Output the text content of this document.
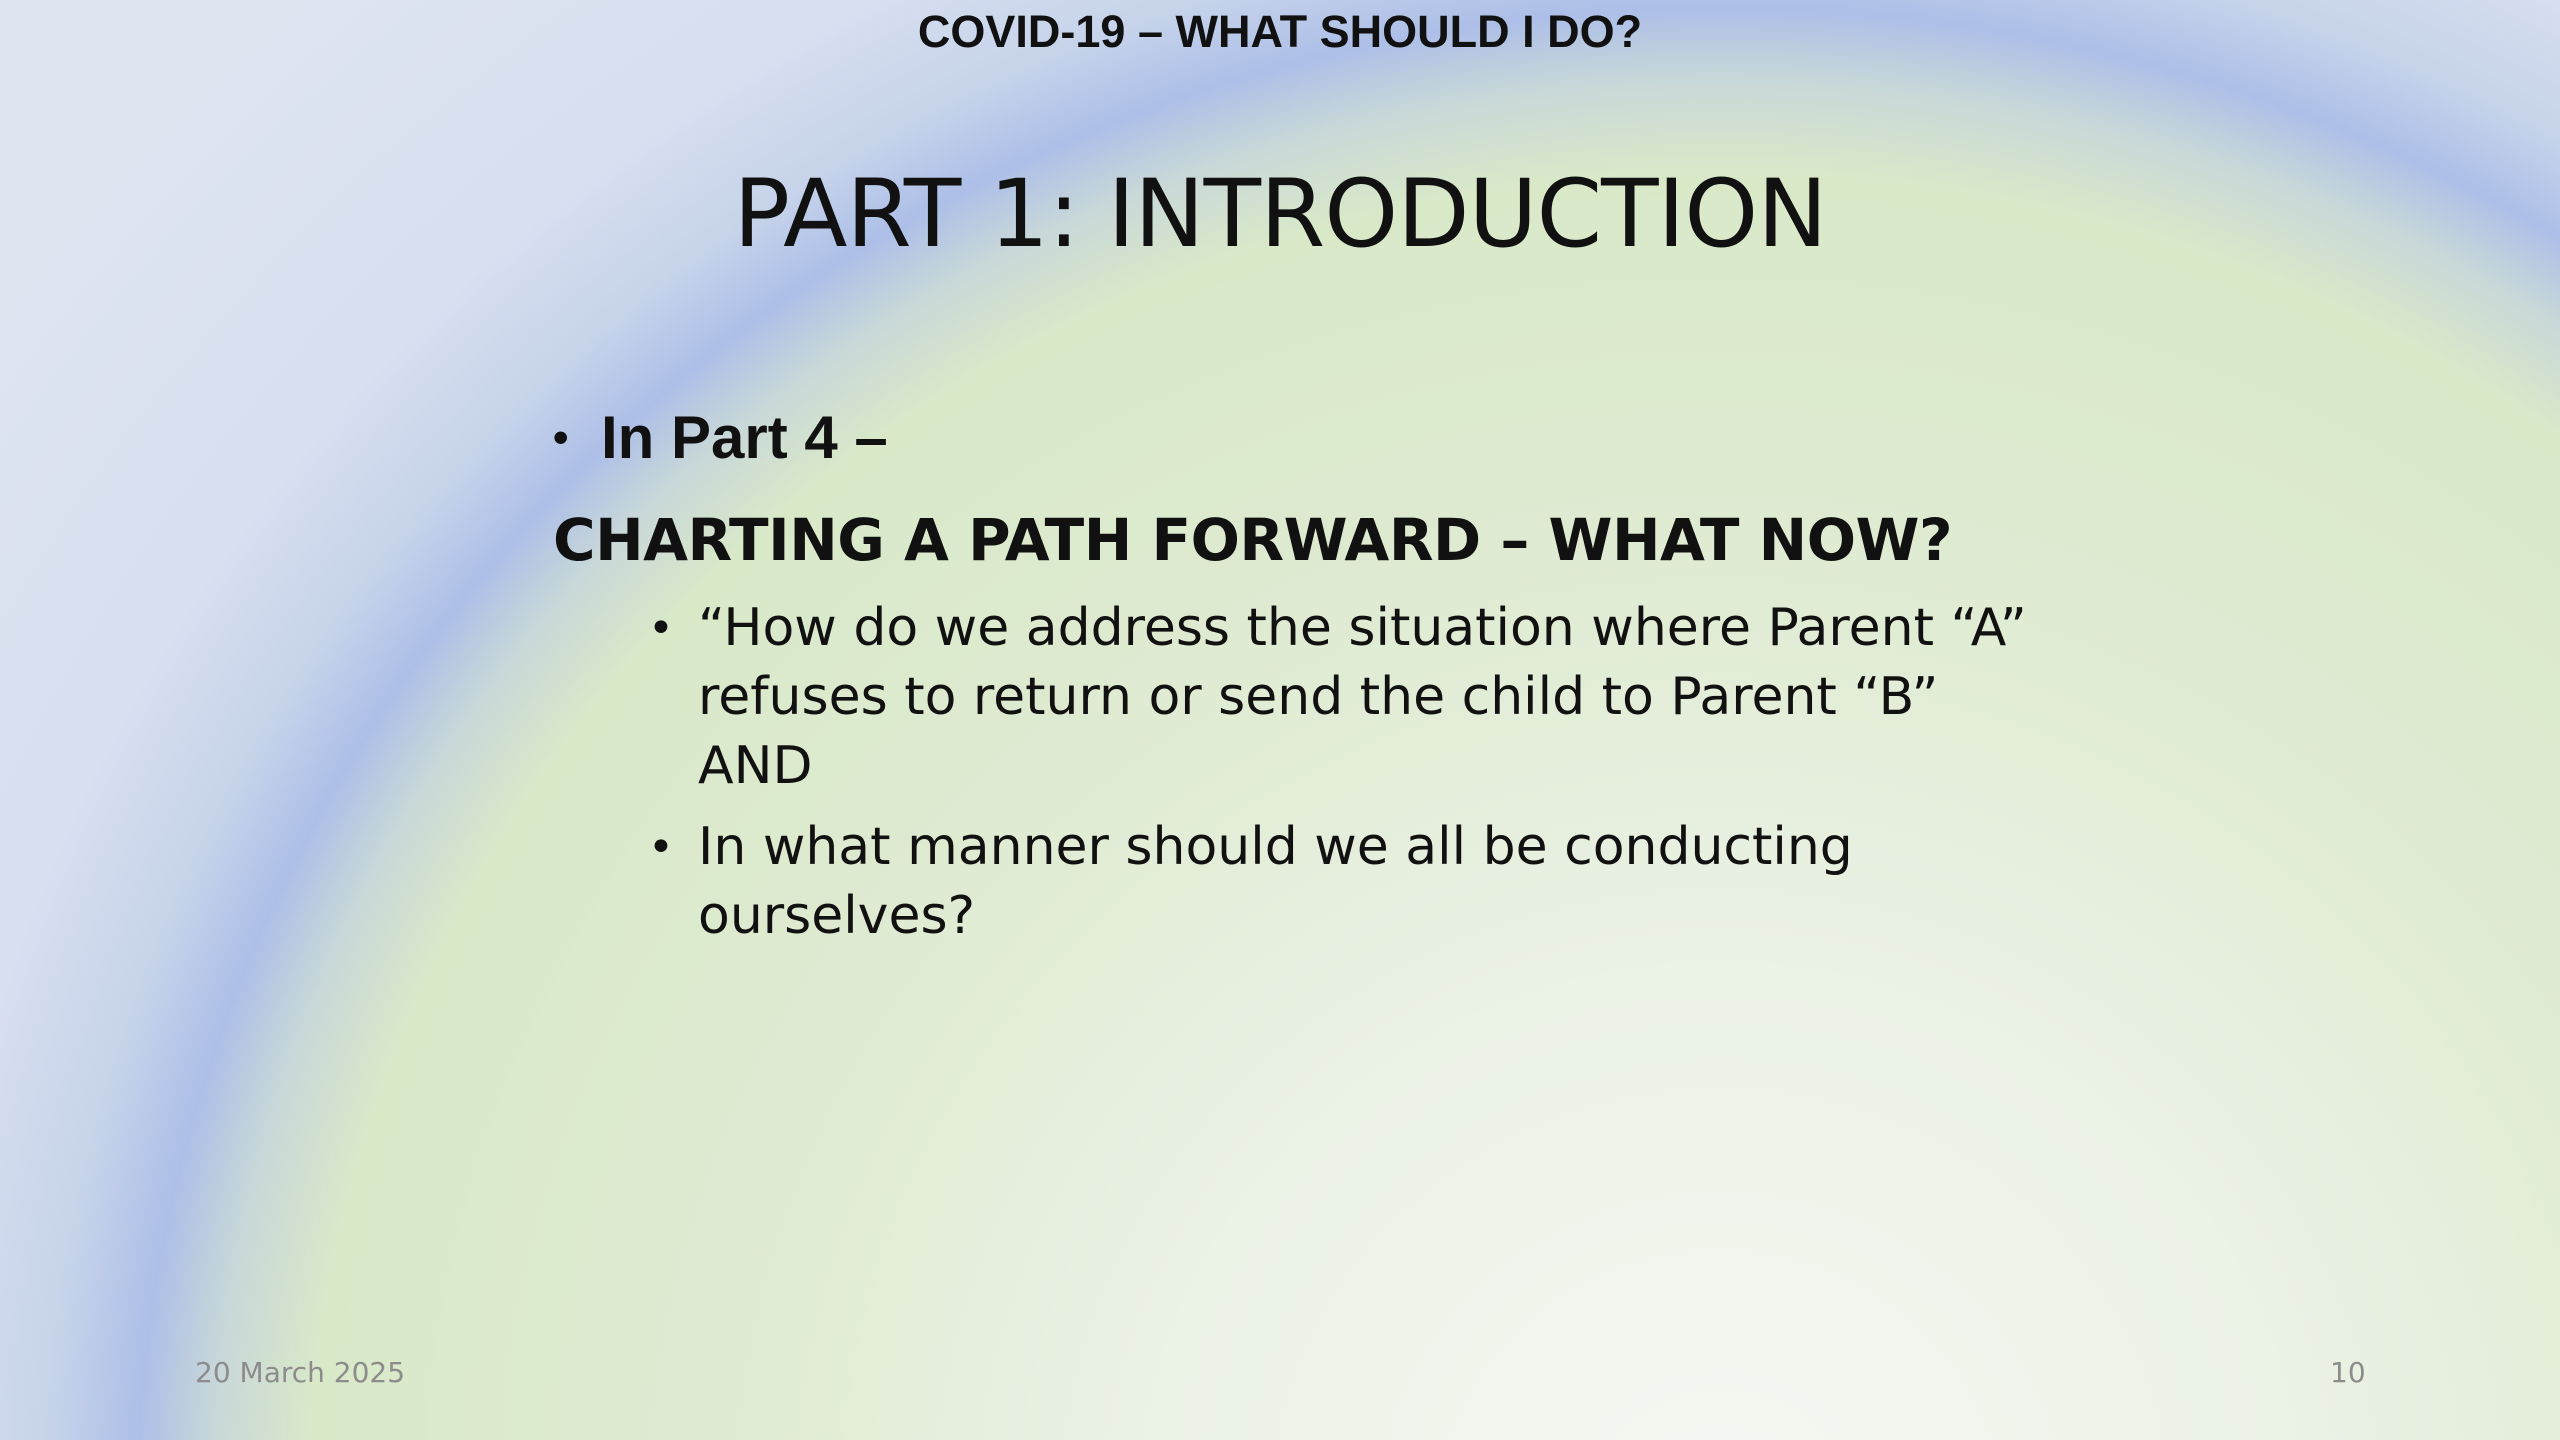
COVID-19 – WHAT SHOULD I DO?
PART 1: INTRODUCTION
• In Part 4 –
CHARTING A PATH FORWARD – WHAT NOW?
• “How do we address the situation where Parent “A”
refuses to return or send the child to Parent “B”
AND
• In what manner should we all be conducting
ourselves?
20 March 2025	10
